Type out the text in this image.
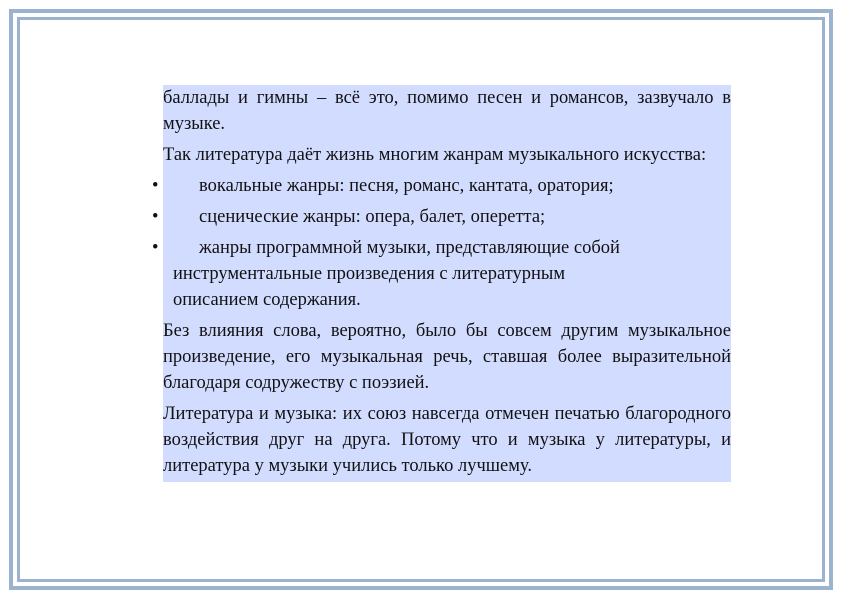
баллады и гимны – всё это, помимо песен и романсов, зазвучало в музыке.

Так литература даёт жизнь многим жанрам музыкального искусства:

•	вокальные жанры: песня, романс, кантата, оратория;
•	сценические жанры: опера, балет, оперетта;
•	жанры программной музыки, представляющие собой
инструментальные произведения с литературным
описанием содержания.

Без влияния слова, вероятно, было бы совсем другим музыкальное произведение, его музыкальная речь, ставшая более выразительной благодаря содружеству с поэзией.

Литература и музыка: их союз навсегда отмечен печатью благородного воздействия друг на друга. Потому что и музыка у литературы, и литература у музыки учились только лучшему.
